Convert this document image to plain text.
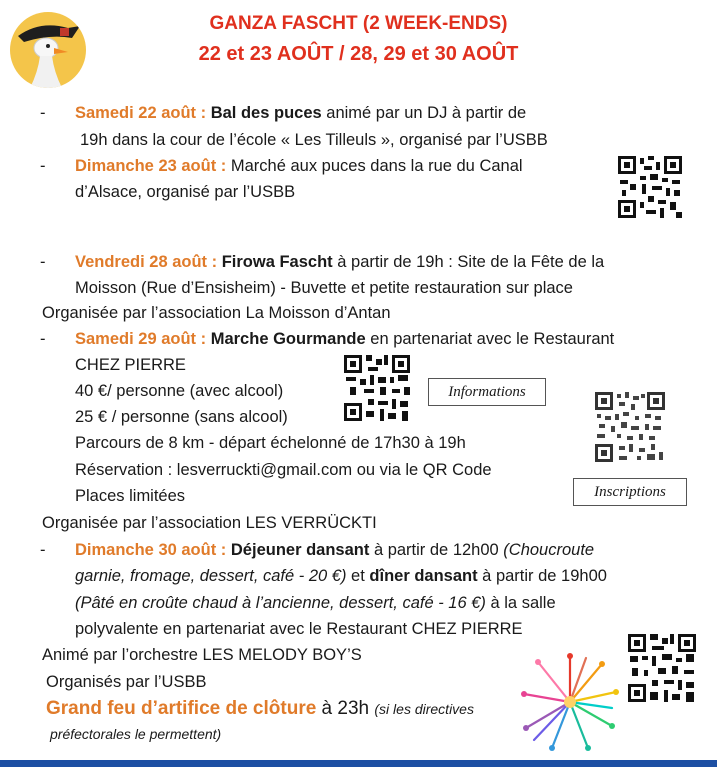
GANZA FASCHT (2 WEEK-ENDS)
22 et 23 AOÛT / 28, 29 et 30 AOÛT
- Samedi 22 août : Bal des puces animé par un DJ à partir de
19h dans la cour de l’école « Les Tilleuls », organisé par l’USBB
- Dimanche 23 août : Marché aux puces dans la rue du Canal
d’Alsace, organisé par l’USBB
- Vendredi 28 août : Firowa Fascht à partir de 19h : Site de la Fête de la
Moisson (Rue d’Ensisheim) - Buvette et petite restauration sur place
Organisée par l’association La Moisson d’Antan
- Samedi 29 août : Marche Gourmande en partenariat avec le Restaurant
CHEZ PIERRE
40 €/ personne (avec alcool)
25 € / personne (sans alcool)
Parcours de 8 km - départ échelonné de 17h30 à 19h
Réservation : lesverruckti@gmail.com ou via le QR Code
Places limitées
Organisée par l’association LES VERRÜCKTI
Informations
Inscriptions
- Dimanche 30 août : Déjeuner dansant à partir de 12h00 (Choucroute
garnie, fromage, dessert, café - 20 €) et dîner dansant à partir de 19h00
(Pâté en croûte chaud à l’ancienne, dessert, café - 16 €) à la salle
polyvalente en partenariat avec le Restaurant CHEZ PIERRE
Animé par l’orchestre LES MELODY BOY’S
Organisés par l’USBB
Grand feu d’artifice de clôture à 23h (si les directives
préfectorales le permettent)
